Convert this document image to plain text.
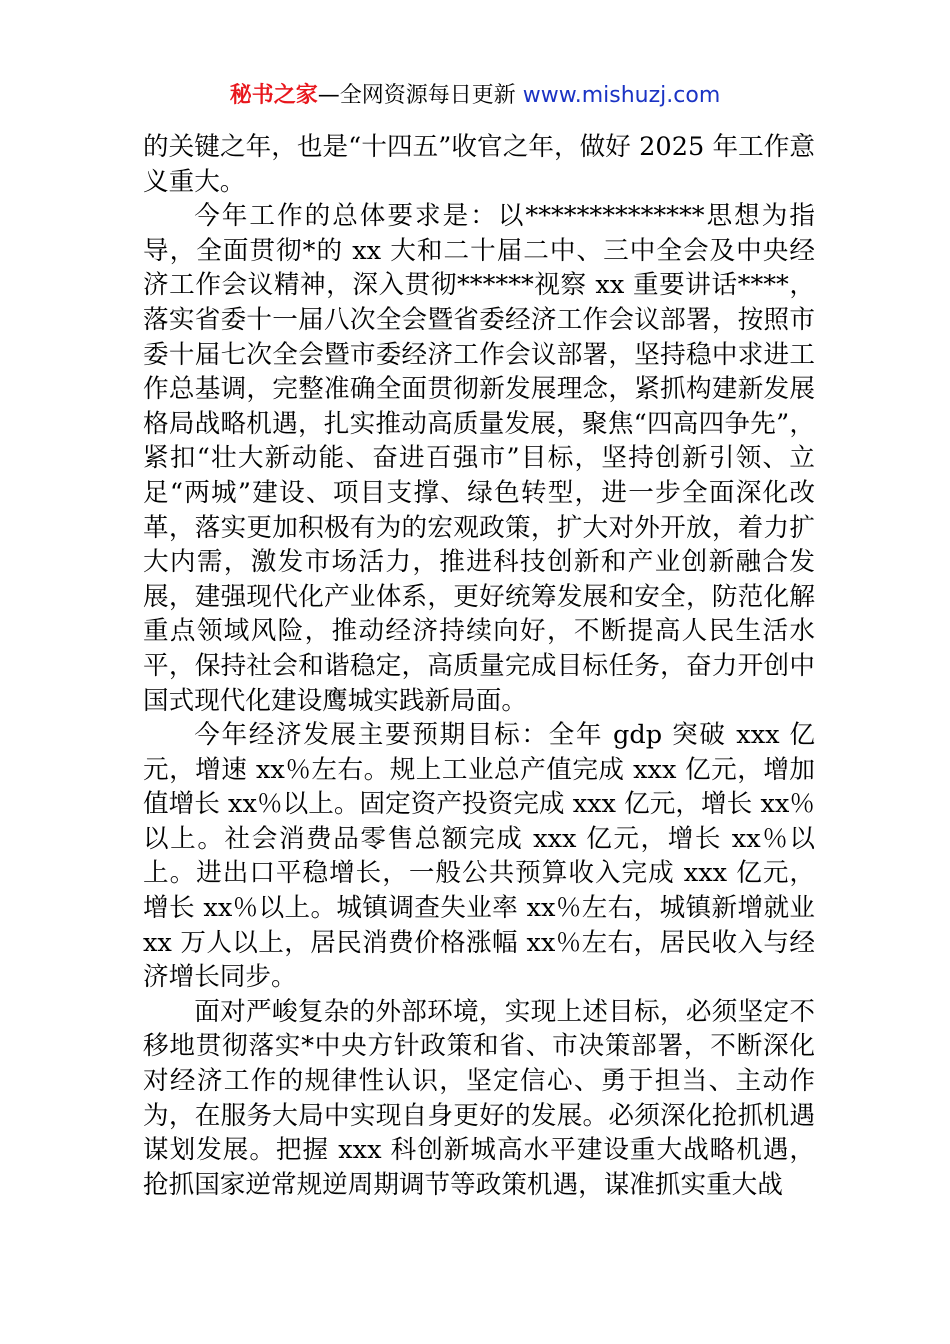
秘书之家—全网资源每日更新 www.mishuzj.com

的关键之年，也是“十四五”收官之年，做好 2025 年工作意义重大。

今年工作的总体要求是：以**************思想为指导，全面贯彻*的 xx 大和二十届二中、三中全会及中央经济工作会议精神，深入贯彻******视察 xx 重要讲话****，落实省委十一届八次全会暨省委经济工作会议部署，按照市委十届七次全会暨市委经济工作会议部署，坚持稳中求进工作总基调，完整准确全面贯彻新发展理念，紧抓构建新发展格局战略机遇，扎实推动高质量发展，聚焦“四高四争先”，紧扣“壮大新动能、奋进百强市”目标，坚持创新引领、立足“两城”建设、项目支撑、绿色转型，进一步全面深化改革，落实更加积极有为的宏观政策，扩大对外开放，着力扩大内需，激发市场活力，推进科技创新和产业创新融合发展，建强现代化产业体系，更好统筹发展和安全，防范化解重点领域风险，推动经济持续向好，不断提高人民生活水平，保持社会和谐稳定，高质量完成目标任务，奋力开创中国式现代化建设鹰城实践新局面。

今年经济发展主要预期目标：全年 gdp 突破 xxx 亿元，增速 xx％左右。规上工业总产值完成 xxx 亿元，增加值增长 xx％以上。固定资产投资完成 xxx 亿元，增长 xx％以上。社会消费品零售总额完成 xxx 亿元，增长 xx％以上。进出口平稳增长，一般公共预算收入完成 xxx 亿元，增长 xx％以上。城镇调查失业率 xx％左右，城镇新增就业 xx 万人以上，居民消费价格涨幅 xx％左右，居民收入与经济增长同步。

面对严峻复杂的外部环境，实现上述目标，必须坚定不移地贯彻落实*中央方针政策和省、市决策部署，不断深化对经济工作的规律性认识，坚定信心、勇于担当、主动作为，在服务大局中实现自身更好的发展。必须深化抢抓机遇谋划发展。把握 xxx 科创新城高水平建设重大战略机遇，抢抓国家逆常规逆周期调节等政策机遇，谋准抓实重大战
